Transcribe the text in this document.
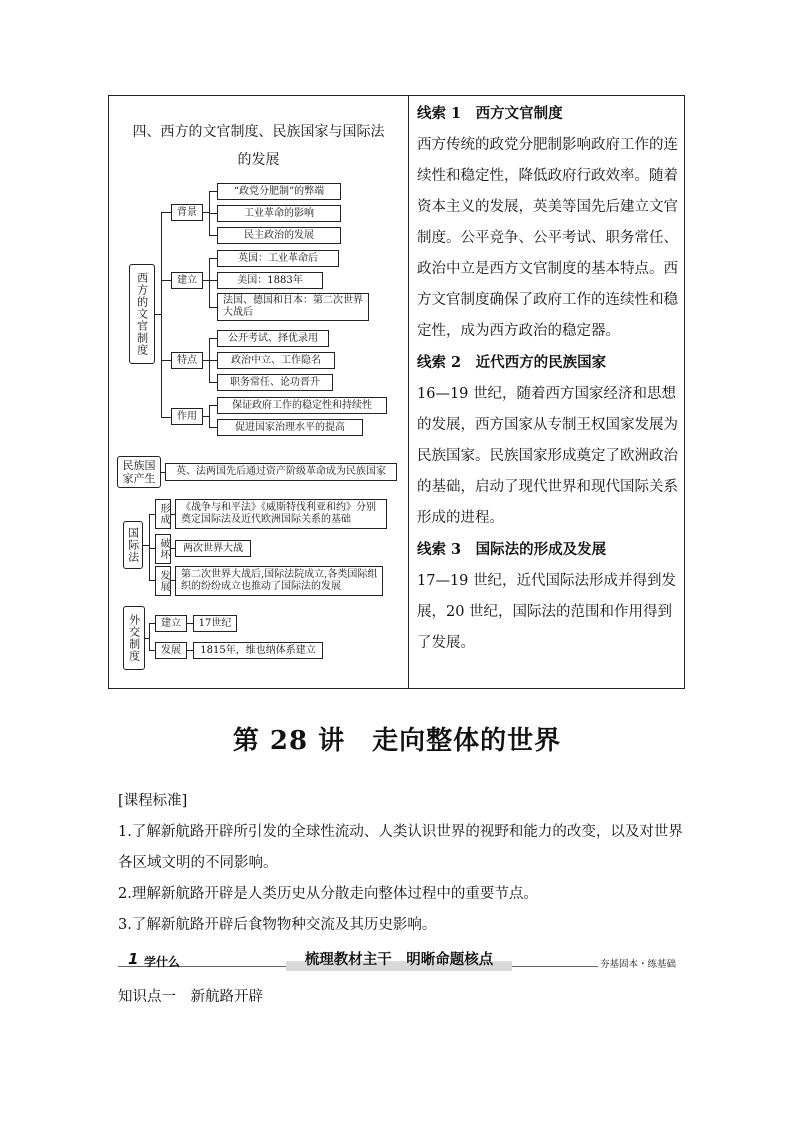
四、西方的文官制度、民族国家与国际法
的发展
西方的文官制度
背景
“政党分肥制”的弊端
工业革命的影响
民主政治的发展
建立
英国：工业革命后
美国：1883年
法国、德国和日本：第二次世界大战后
特点
公开考试、择优录用
政治中立、工作隐名
职务常任、论功晋升
作用
保证政府工作的稳定性和持续性
促进国家治理水平的提高
民族国家产生
英、法两国先后通过资产阶级革命成为民族国家
国际法
形成	《战争与和平法》《威斯特伐利亚和约》分别奠定国际法及近代欧洲国际关系的基础
破坏	两次世界大战
发展	第二次世界大战后,国际法院成立,各类国际组织的纷纷成立也推动了国际法的发展
外交制度	建立	17世纪
发展	1815年，维也纳体系建立

线索 1　西方文官制度

西方传统的政党分肥制影响政府工作的连续性和稳定性，降低政府行政效率。随着资本主义的发展，英美等国先后建立文官制度。公平竞争、公平考试、职务常任、政治中立是西方文官制度的基本特点。西方文官制度确保了政府工作的连续性和稳定性，成为西方政治的稳定器。

线索 2　近代西方的民族国家

16—19 世纪，随着西方国家经济和思想的发展，西方国家从专制王权国家发展为民族国家。民族国家形成奠定了欧洲政治的基础，启动了现代世界和现代国际关系形成的进程。

线索 3　国际法的形成及发展

17—19 世纪，近代国际法形成并得到发展，20 世纪，国际法的范围和作用得到了发展。

第 28 讲　走向整体的世界

[课程标准]

1.了解新航路开辟所引发的全球性流动、人类认识世界的视野和能力的改变，以及对世界各区域文明的不同影响。

2.理解新航路开辟是人类历史从分散走向整体过程中的重要节点。

3.了解新航路开辟后食物物种交流及其历史影响。

1 学什么	梳理教材主干　明晰命题核点	夯基固本・练基础
知识点一　新航路开辟
